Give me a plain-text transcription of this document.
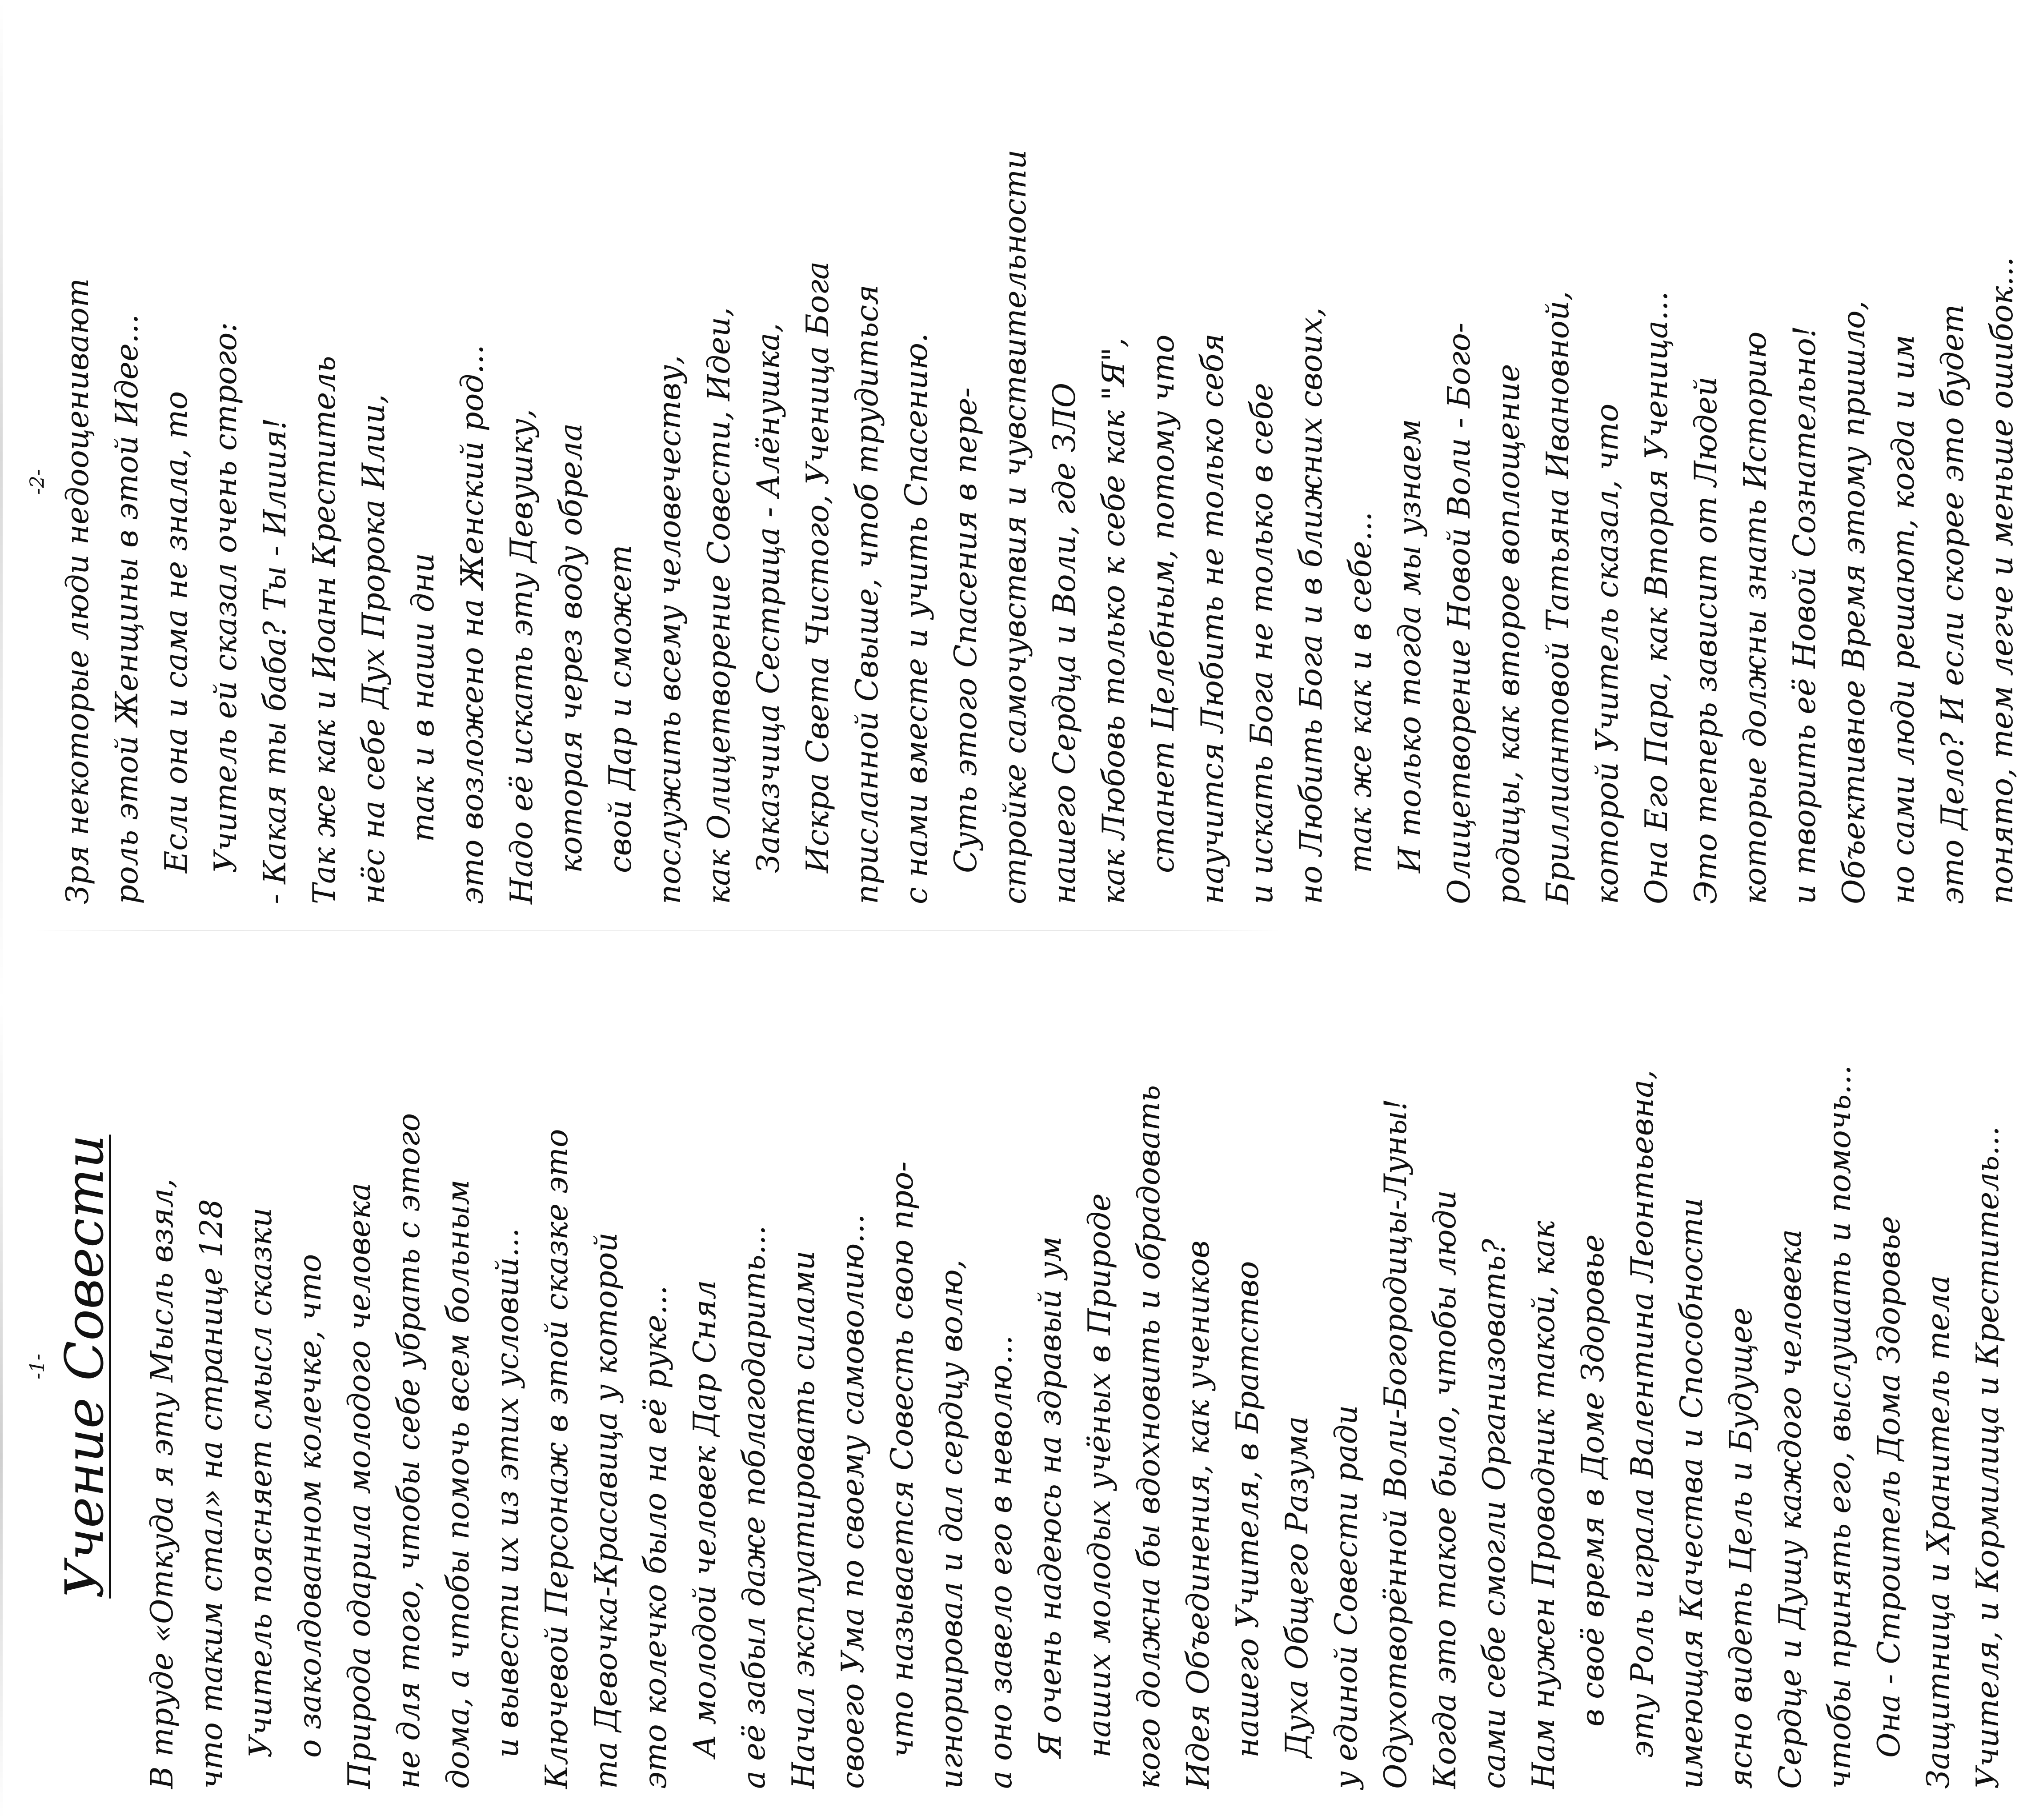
-1- Учение Совести В труде «Откуда я эту Мысль взял, что таким стал» на странице 128 Учитель поясняет смысл сказки о заколдованном колечке, что Природа одарила молодого человека не для того, чтобы себе убрать с этого дома, а чтобы помочь всем больным и вывести их из этих условий... Ключевой Персонаж в этой сказке это та Девочка-Красавица у которой это колечко было на её руке... А молодой человек Дар Снял а её забыл даже поблагодарить... Начал эксплуатировать силами своего Ума по своему самоволию... что называется Совесть свою про- игнорировал и дал сердцу волю, а оно завело его в неволю... Я очень надеюсь на здравый ум наших молодых учёных в Природе кого должна бы вдохновить и обрадовать Идея Объединения, как учеников нашего Учителя, в Братство Духа Общего Разума у единой Совести ради Одухотворённой Воли-Богородицы-Луны! Когда это такое было, чтобы люди сами себе смогли Организовать? Нам нужен Проводник такой, как в своё время в Доме Здоровье эту Роль играла Валентина Леонтьевна, имеющая Качества и Способности ясно видеть Цель и Будущее Сердце и Душу каждого человека чтобы принять его, выслушать и помочь... Она - Строитель Дома Здоровье Защитница и Хранитель тела Учителя, и Кормилица и Креститель...
-2- Зря некоторые люди недооценивают роль этой Женщины в этой Идее... Если она и сама не знала, то Учитель ей сказал очень строго: - Какая ты баба? Ты - Илиия! Так же как и Иоанн Креститель нёс на себе Дух Пророка Илии, так и в наши дни это возложено на Женский род... Надо её искать эту Девушку, которая через воду обрела свой Дар и сможет послужить всему человечеству, как Олицетворение Совести, Идеи, Заказчица Сестрица - Алёнушка, Искра Света Чистого, Ученица Бога присланной Свыше, чтоб трудиться с нами вместе и учить Спасению. Суть этого Спасения в пере- стройке самочувствия и чувствительности нашего Сердца и Воли, где ЗЛО как Любовь только к себе как "Я", станет Целебным, потому что научится Любить не только себя и искать Бога не только в себе но Любить Бога и в ближних своих, так же как и в себе... И только тогда мы узнаем Олицетворение Новой Воли - Бого- родицы, как второе воплощение Бриллиантовой Татьяна Ивановной, которой Учитель сказал, что Она Его Пара, как Вторая Ученица... Это теперь зависит от Людей которые должны знать Историю и творить её Новой Сознательно! Объективное Время этому пришло, но сами люди решают, когда и им это Дело? И если скорее это будет понято, тем легче и меньше ошибок...
